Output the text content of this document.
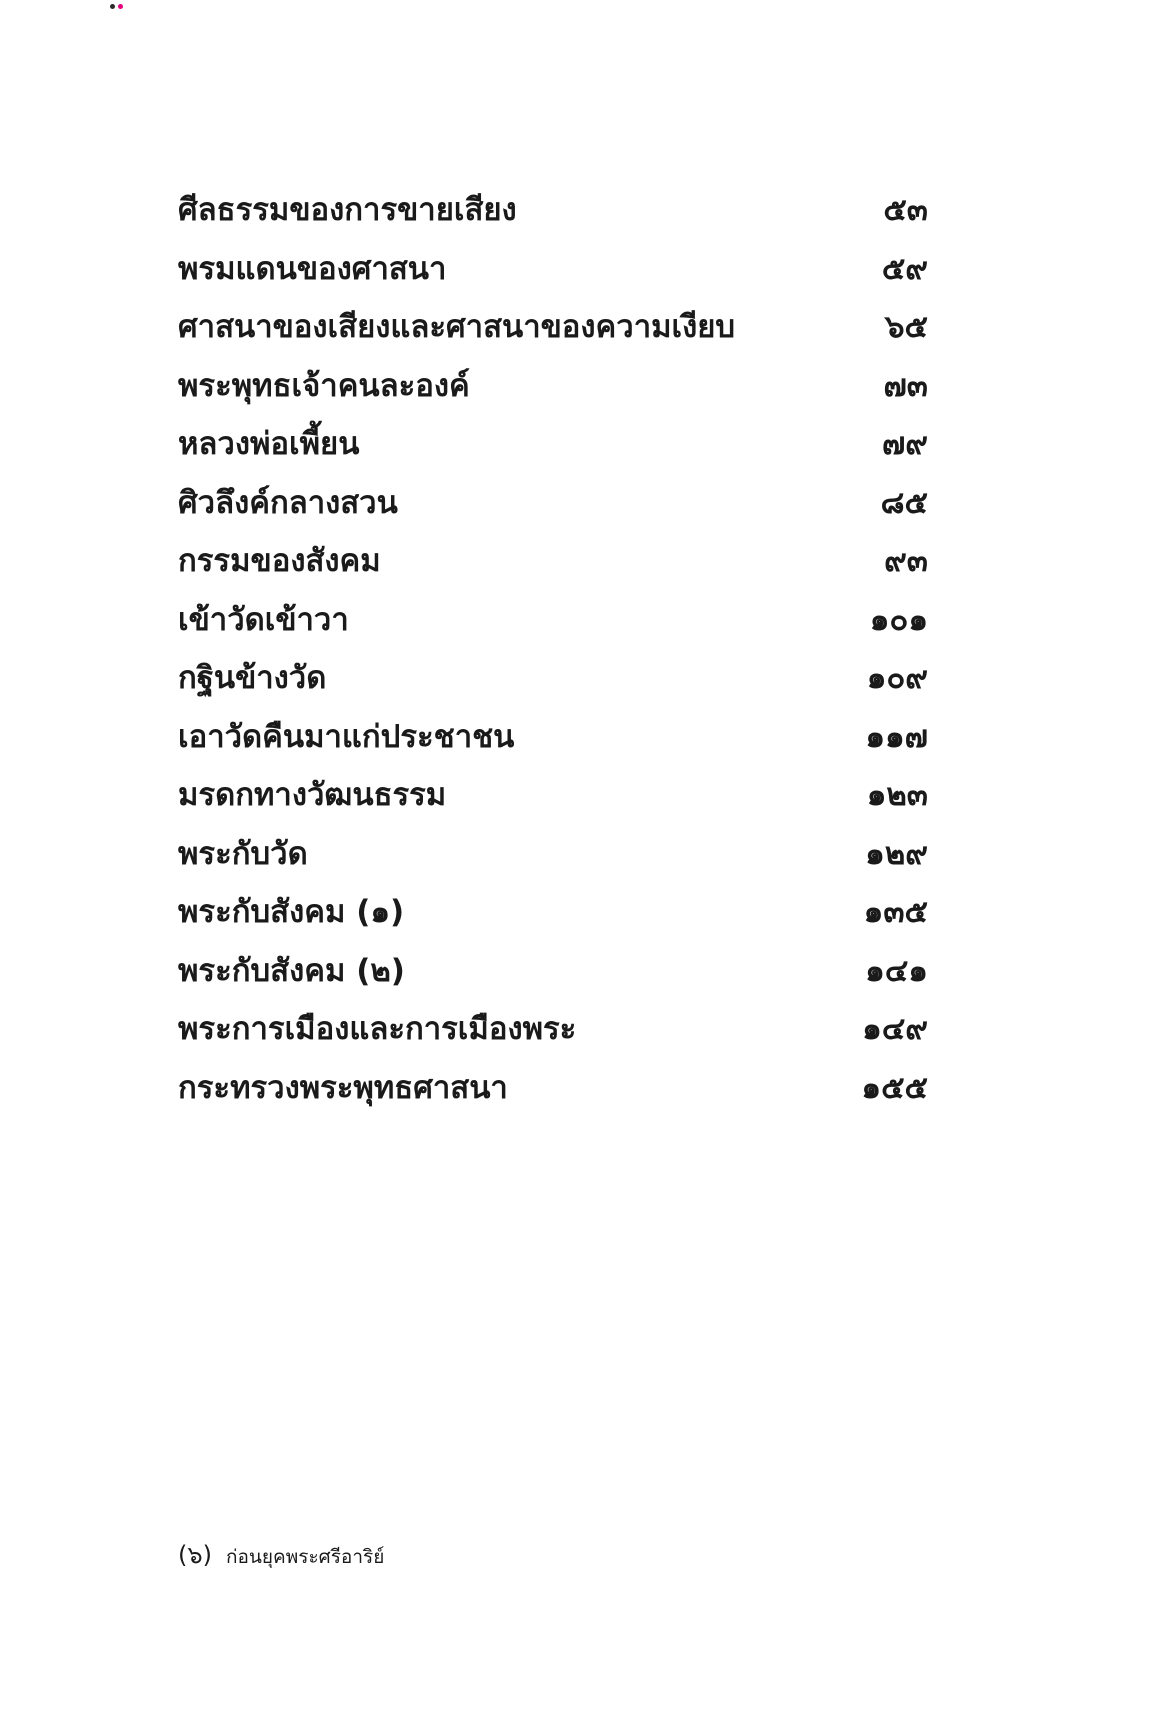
ศีลธรรมของการขายเสียง	๕๓
พรมแดนของศาสนา	๕๙
ศาสนาของเสียงและศาสนาของความเงียบ	๖๕
พระพุทธเจ้าคนละองค์	๗๓
หลวงพ่อเพี้ยน	๗๙
ศิวลึงค์กลางสวน	๘๕
กรรมของสังคม	๙๓
เข้าวัดเข้าวา	๑๐๑
กฐินข้างวัด	๑๐๙
เอาวัดคืนมาแก่ประชาชน	๑๑๗
มรดกทางวัฒนธรรม	๑๒๓
พระกับวัด	๑๒๙
พระกับสังคม (๑)	๑๓๕
พระกับสังคม (๒)	๑๔๑
พระการเมืองและการเมืองพระ	๑๔๙
กระทรวงพระพุทธศาสนา	๑๕๕
(๖) ก่อนยุคพระศรีอาริย์
